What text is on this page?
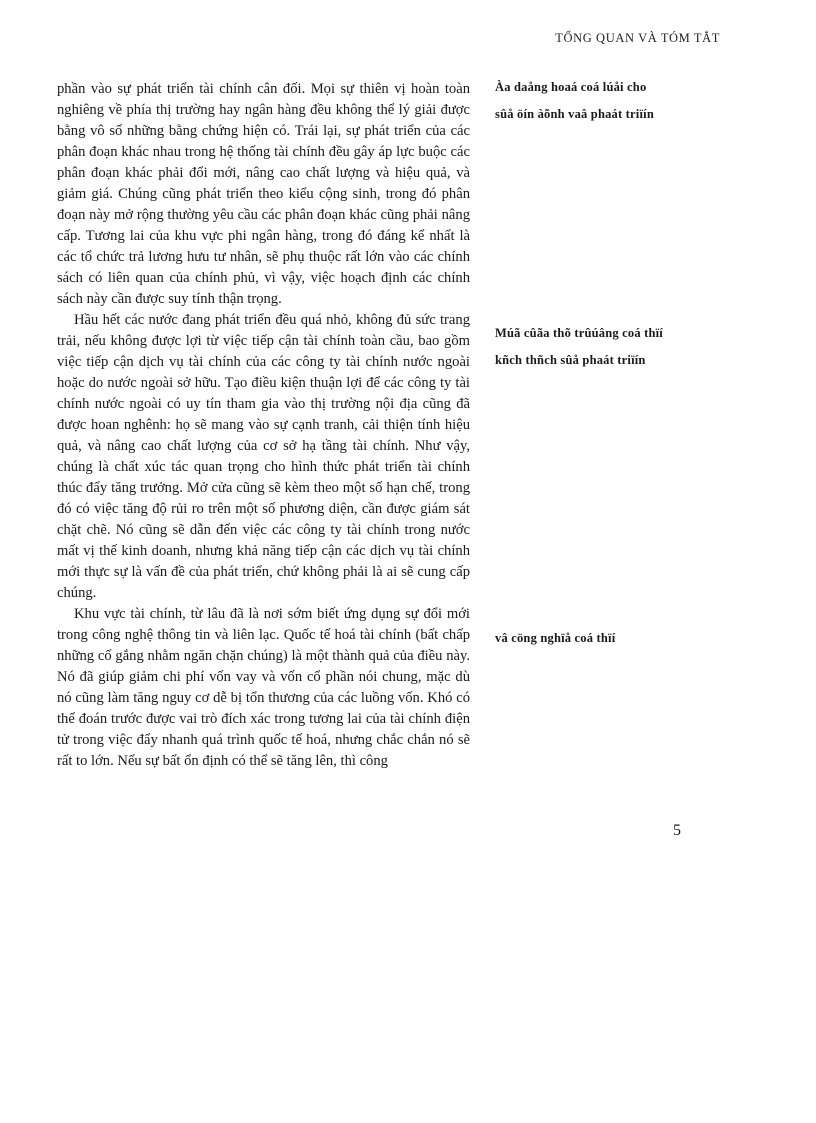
TỔNG QUAN VÀ TÓM TẮT

phần vào sự phát triển tài chính cân đối. Mọi sự thiên vị hoàn toàn nghiêng về phía thị trường hay ngân hàng đều không thể lý giải được bằng vô số những bằng chứng hiện có. Trái lại, sự phát triển của các phân đoạn khác nhau trong hệ thống tài chính đều gây áp lực buộc các phân đoạn khác phải đổi mới, nâng cao chất lượng và hiệu quả, và giảm giá. Chúng cũng phát triển theo kiểu cộng sinh, trong đó phân đoạn này mở rộng thường yêu cầu các phân đoạn khác cũng phải nâng cấp. Tương lai của khu vực phi ngân hàng, trong đó đáng kể nhất là các tổ chức trả lương hưu tư nhân, sẽ phụ thuộc rất lớn vào các chính sách có liên quan của chính phủ, vì vậy, việc hoạch định các chính sách này cần được suy tính thận trọng.

Hầu hết các nước đang phát triển đều quá nhỏ, không đủ sức trang trải, nếu không được lợi từ việc tiếp cận tài chính toàn cầu, bao gồm việc tiếp cận dịch vụ tài chính của các công ty tài chính nước ngoài hoặc do nước ngoài sở hữu. Tạo điều kiện thuận lợi để các công ty tài chính nước ngoài có uy tín tham gia vào thị trường nội địa cũng đã được hoan nghênh: họ sẽ mang vào sự cạnh tranh, cải thiện tính hiệu quả, và nâng cao chất lượng của cơ sở hạ tầng tài chính. Như vậy, chúng là chất xúc tác quan trọng cho hình thức phát triển tài chính thúc đẩy tăng trưởng. Mở cửa cũng sẽ kèm theo một số hạn chế, trong đó có việc tăng độ rủi ro trên một số phương diện, cần được giám sát chặt chẽ. Nó cũng sẽ dẫn đến việc các công ty tài chính trong nước mất vị thế kinh doanh, nhưng khả năng tiếp cận các dịch vụ tài chính mới thực sự là vấn đề của phát triển, chứ không phải là ai sẽ cung cấp chúng.

Khu vực tài chính, từ lâu đã là nơi sớm biết ứng dụng sự đổi mới trong công nghệ thông tin và liên lạc. Quốc tế hoá tài chính (bất chấp những cố gắng nhằm ngăn chặn chúng) là một thành quả của điều này. Nó đã giúp giảm chi phí vốn vay và vốn cổ phần nói chung, mặc dù nó cũng làm tăng nguy cơ dễ bị tổn thương của các luồng vốn. Khó có thể đoán trước được vai trò đích xác trong tương lai của tài chính điện tử trong việc đẩy nhanh quá trình quốc tế hoá, nhưng chắc chắn nó sẽ rất to lớn. Nếu sự bất ổn định có thể sẽ tăng lên, thì công

Àa daång hoaá coá lúåi cho
sûå öín àõnh vaâ phaát triïín
Múã cûãa thõ trûúâng coá thïí
kñch thñch sûå phaát triïín
vâ cöng nghïå coá thïí
5
